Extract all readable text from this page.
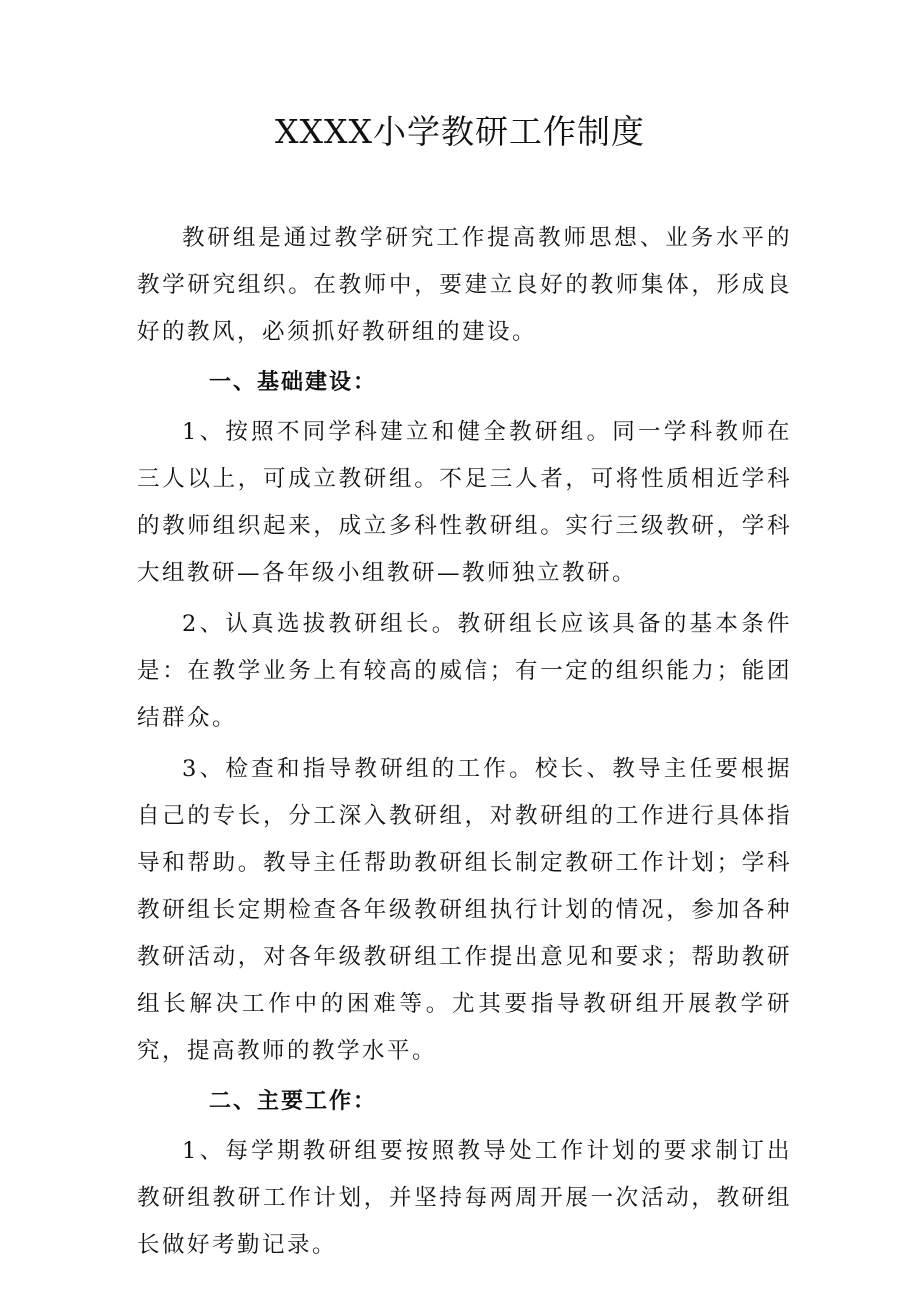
XXXX小学教研工作制度

教研组是通过教学研究工作提高教师思想、业务水平的教学研究组织。在教师中，要建立良好的教师集体，形成良好的教风，必须抓好教研组的建设。

一、基础建设：

1、按照不同学科建立和健全教研组。同一学科教师在三人以上，可成立教研组。不足三人者，可将性质相近学科的教师组织起来，成立多科性教研组。实行三级教研，学科大组教研—各年级小组教研—教师独立教研。

2、认真选拔教研组长。教研组长应该具备的基本条件是：在教学业务上有较高的威信；有一定的组织能力；能团结群众。

3、检查和指导教研组的工作。校长、教导主任要根据自己的专长，分工深入教研组，对教研组的工作进行具体指导和帮助。教导主任帮助教研组长制定教研工作计划；学科教研组长定期检查各年级教研组执行计划的情况，参加各种教研活动，对各年级教研组工作提出意见和要求；帮助教研组长解决工作中的困难等。尤其要指导教研组开展教学研究，提高教师的教学水平。

二、主要工作：

1、每学期教研组要按照教导处工作计划的要求制订出教研组教研工作计划，并坚持每两周开展一次活动，教研组长做好考勤记录。
